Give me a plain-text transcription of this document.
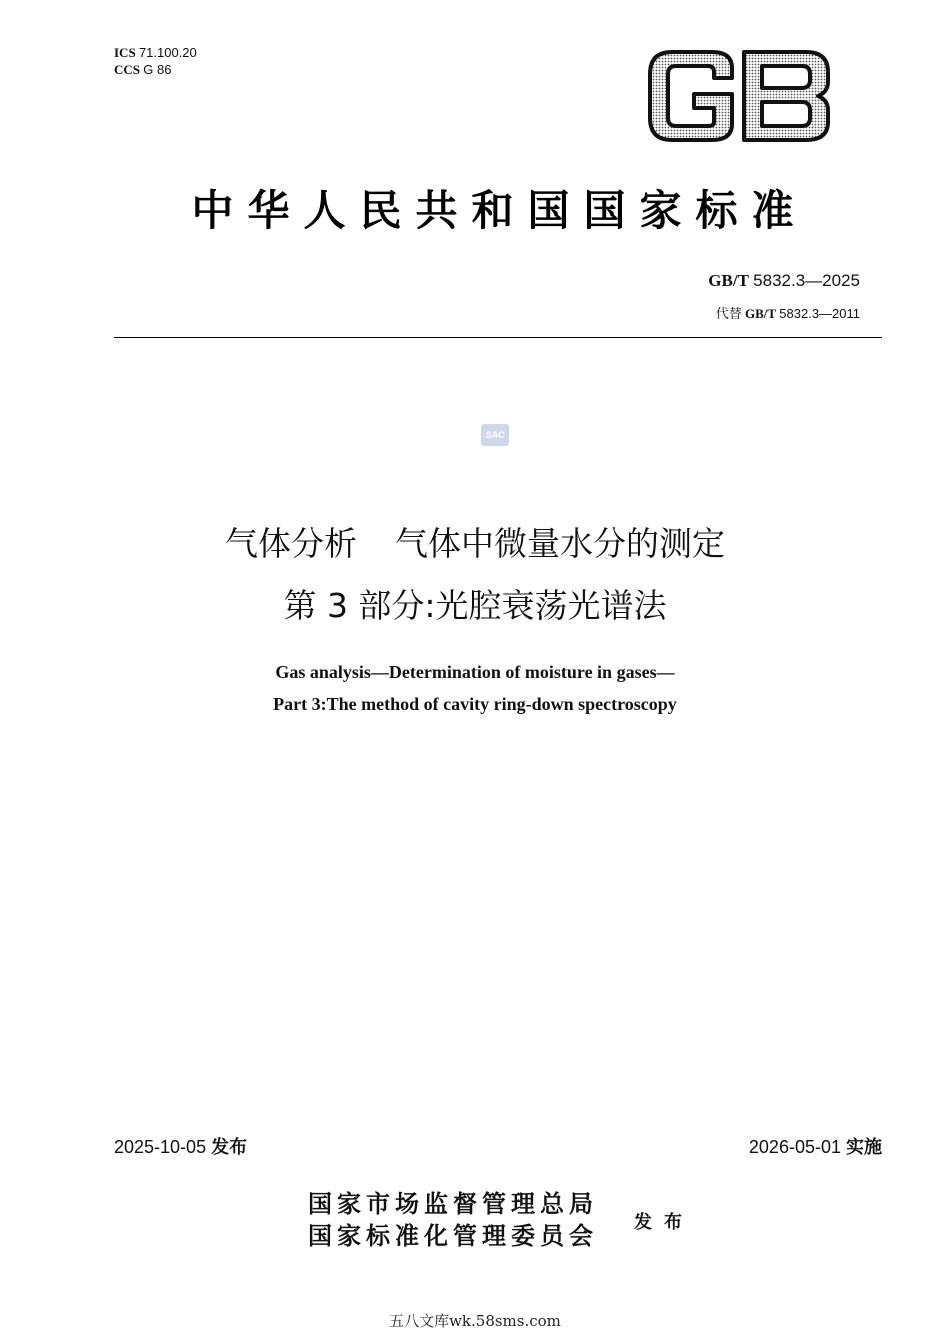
ICS 71.100.20
CCS G 86
GB
中华人民共和国国家标准
GB/T 5832.3—2025
代替 GB/T 5832.3—2011
SAC
气体分析 气体中微量水分的测定
第 3 部分:光腔衰荡光谱法
Gas analysis—Determination of moisture in gases—
Part 3:The method of cavity ring-down spectroscopy
2025-10-05 发布	2026-05-01 实施
国家市场监督管理总局
国家标准化管理委员会 发布
五八文库wk.58sms.com
